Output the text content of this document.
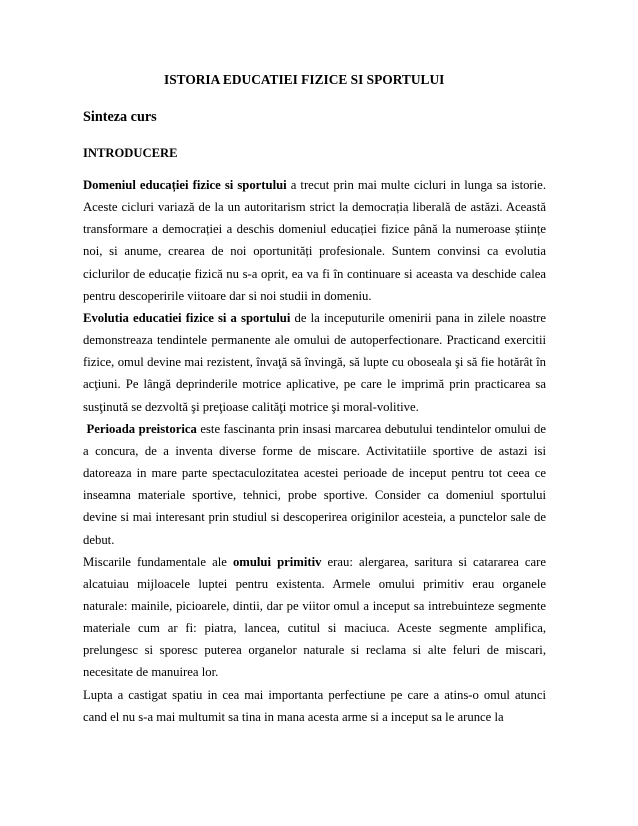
ISTORIA EDUCATIEI FIZICE SI SPORTULUI
Sinteza curs
INTRODUCERE

Domeniul educației fizice si sportului a trecut prin mai multe cicluri in lunga sa istorie. Aceste cicluri variază de la un autoritarism strict la democrația liberală de astăzi. Această transformare a democrației a deschis domeniul educației fizice până la numeroase științe noi, si anume, crearea de noi oportunități profesionale. Suntem convinsi ca evolutia ciclurilor de educație fizică nu s-a oprit, ea va fi în continuare si aceasta va deschide calea pentru descoperirile viitoare dar si noi studii in domeniu.

Evolutia educatiei fizice si a sportului de la inceputurile omenirii pana in zilele noastre demonstreaza tendintele permanente ale omului de autoperfectionare. Practicand exercitii fizice, omul devine mai rezistent, învaţă să învingă, să lupte cu oboseala şi să fie hotărât în acţiuni. Pe lângă deprinderile motrice aplicative, pe care le imprimă prin practicarea sa susţinută se dezvoltă şi preţioase calităţi motrice şi moral-volitive.

Perioada preistorica este fascinanta prin insasi marcarea debutului tendintelor omului de a concura, de a inventa diverse forme de miscare. Activitatiile sportive de astazi isi datoreaza in mare parte spectaculozitatea acestei perioade de inceput pentru tot ceea ce inseamna materiale sportive, tehnici, probe sportive. Consider ca domeniul sportului devine si mai interesant prin studiul si descoperirea originilor acesteia, a punctelor sale de debut.

Miscarile fundamentale ale omului primitiv erau: alergarea, saritura si catararea care alcatuiau mijloacele luptei pentru existenta. Armele omului primitiv erau organele naturale: mainile, picioarele, dintii, dar pe viitor omul a inceput sa intrebuinteze segmente materiale cum ar fi: piatra, lancea, cutitul si maciuca. Aceste segmente amplifica, prelungesc si sporesc puterea organelor naturale si reclama si alte feluri de miscari, necesitate de manuirea lor.

Lupta a castigat spatiu in cea mai importanta perfectiune pe care a atins-o omul atunci cand el nu s-a mai multumit sa tina in mana acesta arme si a inceput sa le arunce la
